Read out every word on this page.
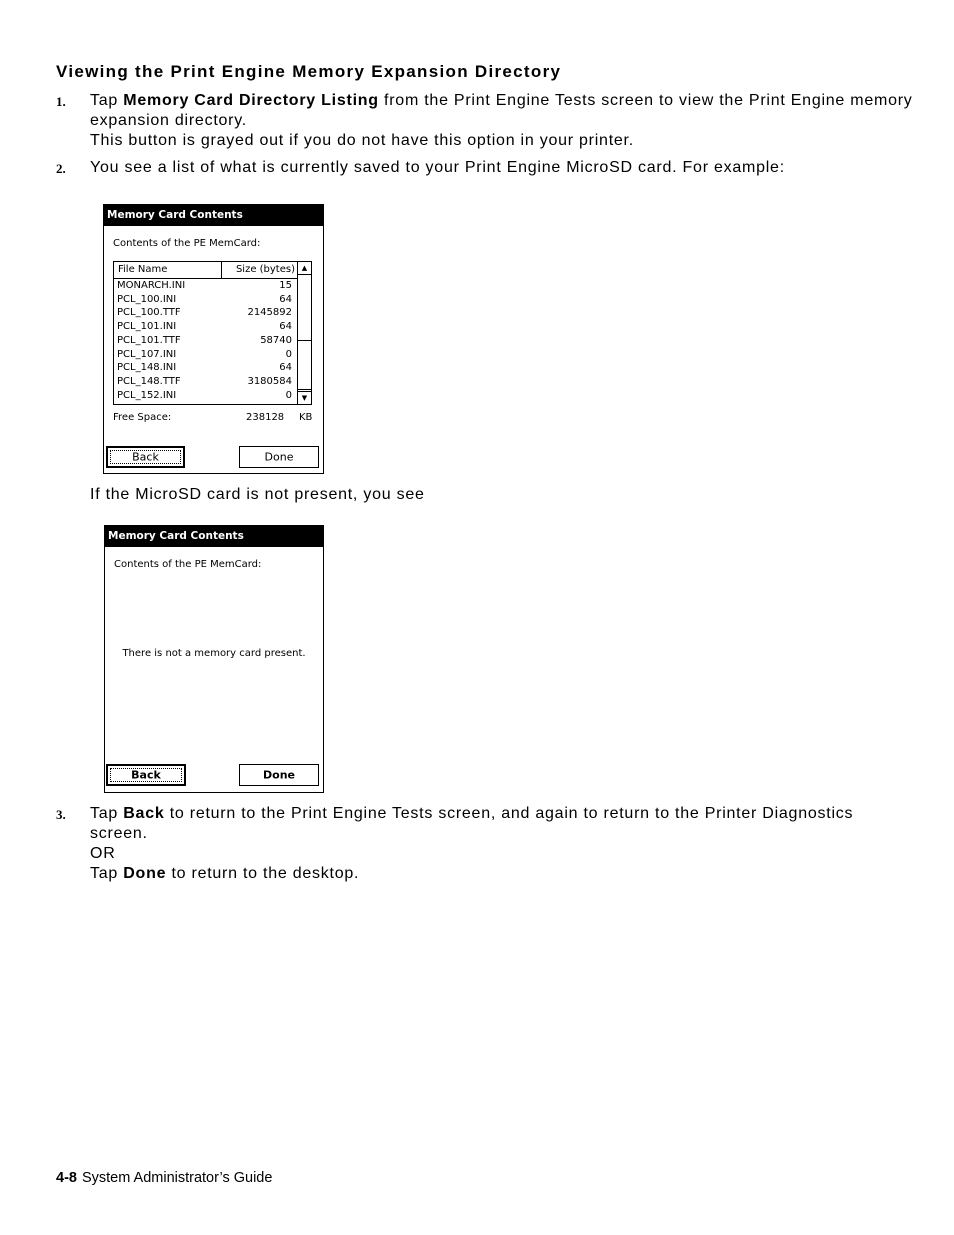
Viewing the Print Engine Memory Expansion Directory
1. Tap Memory Card Directory Listing from the Print Engine Tests screen to view the Print Engine memory expansion directory.
This button is grayed out if you do not have this option in your printer.
2. You see a list of what is currently saved to your Print Engine MicroSD card. For example:
Memory Card Contents
Contents of the PE MemCard:
File Name	Size (bytes)
MONARCH.INI	15
PCL_100.INI	64
PCL_100.TTF	2145892
PCL_101.INI	64
PCL_101.TTF	58740
PCL_107.INI	0
PCL_148.INI	64
PCL_148.TTF	3180584
PCL_152.INI	0
▲
▼
Free Space:	238128 KB
Back	Done
If the MicroSD card is not present, you see
Memory Card Contents
Contents of the PE MemCard:
There is not a memory card present.
Back	Done
3. Tap Back to return to the Print Engine Tests screen, and again to return to the Printer Diagnostics screen.
OR
Tap Done to return to the desktop.
4-8 System Administrator’s Guide
